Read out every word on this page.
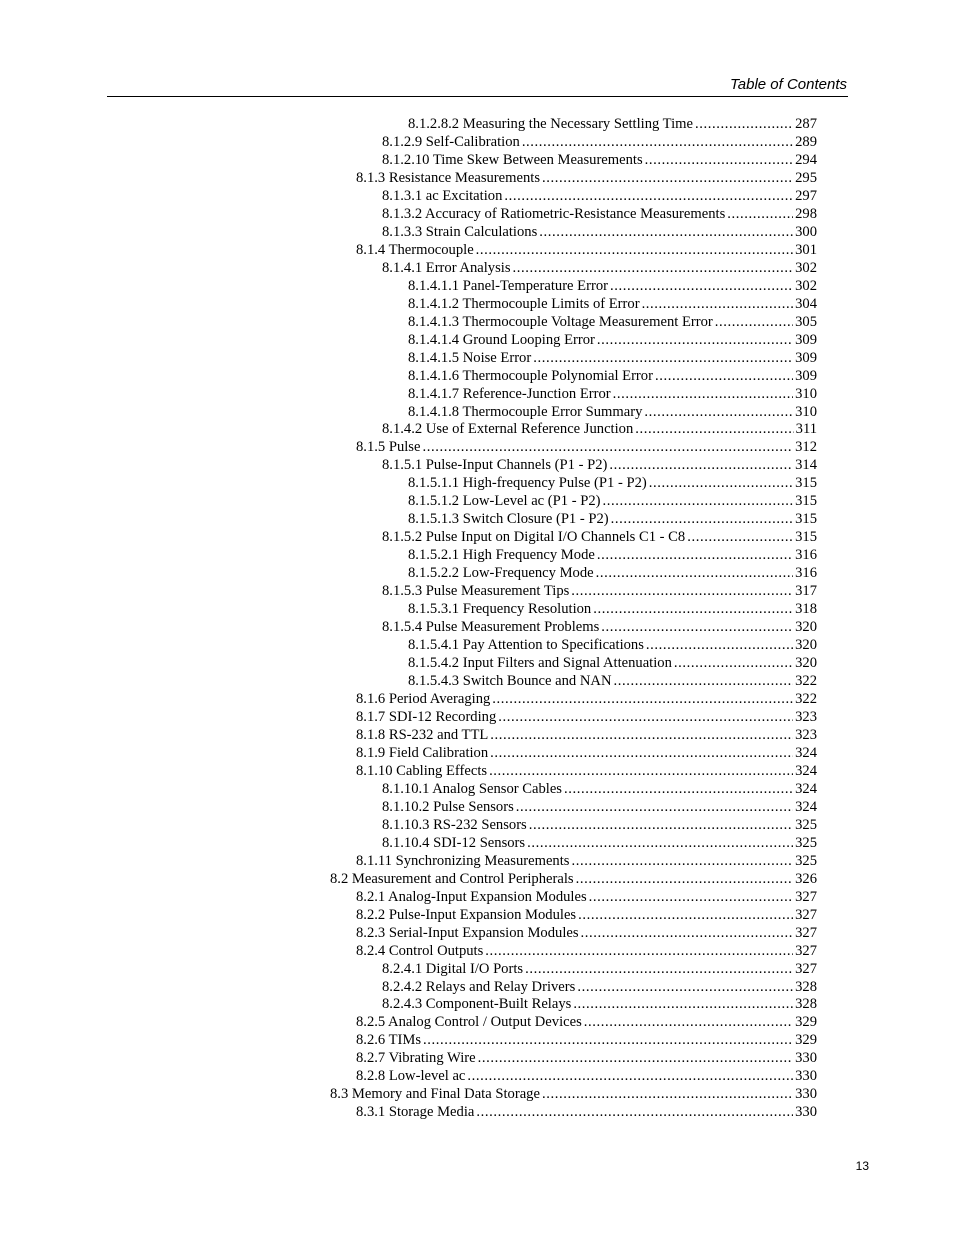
Table of Contents
8.1.2.8.2 Measuring the Necessary Settling Time .....	287
8.1.2.9 Self-Calibration .....	289
8.1.2.10 Time Skew Between Measurements .....	294
8.1.3 Resistance Measurements .....	295
8.1.3.1 ac Excitation .....	297
8.1.3.2 Accuracy of Ratiometric-Resistance Measurements .....	298
8.1.3.3 Strain Calculations .....	300
8.1.4 Thermocouple .....	301
8.1.4.1 Error Analysis .....	302
8.1.4.1.1 Panel-Temperature Error .....	302
8.1.4.1.2 Thermocouple Limits of Error .....	304
8.1.4.1.3 Thermocouple Voltage Measurement Error .....	305
8.1.4.1.4 Ground Looping Error .....	309
8.1.4.1.5 Noise Error .....	309
8.1.4.1.6 Thermocouple Polynomial Error .....	309
8.1.4.1.7 Reference-Junction Error .....	310
8.1.4.1.8 Thermocouple Error Summary .....	310
8.1.4.2 Use of External Reference Junction .....	311
8.1.5 Pulse .....	312
8.1.5.1 Pulse-Input Channels (P1 - P2) .....	314
8.1.5.1.1 High-frequency Pulse (P1 - P2) .....	315
8.1.5.1.2 Low-Level ac (P1 - P2) .....	315
8.1.5.1.3 Switch Closure (P1 - P2) .....	315
8.1.5.2 Pulse Input on Digital I/O Channels C1 - C8 .....	315
8.1.5.2.1 High Frequency Mode .....	316
8.1.5.2.2 Low-Frequency Mode .....	316
8.1.5.3 Pulse Measurement Tips .....	317
8.1.5.3.1 Frequency Resolution .....	318
8.1.5.4 Pulse Measurement Problems .....	320
8.1.5.4.1 Pay Attention to Specifications .....	320
8.1.5.4.2 Input Filters and Signal Attenuation .....	320
8.1.5.4.3 Switch Bounce and NAN .....	322
8.1.6 Period Averaging .....	322
8.1.7 SDI-12 Recording .....	323
8.1.8 RS-232 and TTL .....	323
8.1.9 Field Calibration .....	324
8.1.10 Cabling Effects .....	324
8.1.10.1 Analog Sensor Cables .....	324
8.1.10.2 Pulse Sensors .....	324
8.1.10.3 RS-232 Sensors .....	325
8.1.10.4 SDI-12 Sensors .....	325
8.1.11 Synchronizing Measurements .....	325
8.2 Measurement and Control Peripherals .....	326
8.2.1 Analog-Input Expansion Modules .....	327
8.2.2 Pulse-Input Expansion Modules .....	327
8.2.3 Serial-Input Expansion Modules .....	327
8.2.4 Control Outputs .....	327
8.2.4.1 Digital I/O Ports .....	327
8.2.4.2 Relays and Relay Drivers .....	328
8.2.4.3 Component-Built Relays .....	328
8.2.5 Analog Control / Output Devices .....	329
8.2.6 TIMs .....	329
8.2.7 Vibrating Wire .....	330
8.2.8 Low-level ac .....	330
8.3 Memory and Final Data Storage .....	330
8.3.1 Storage Media .....	330
13
